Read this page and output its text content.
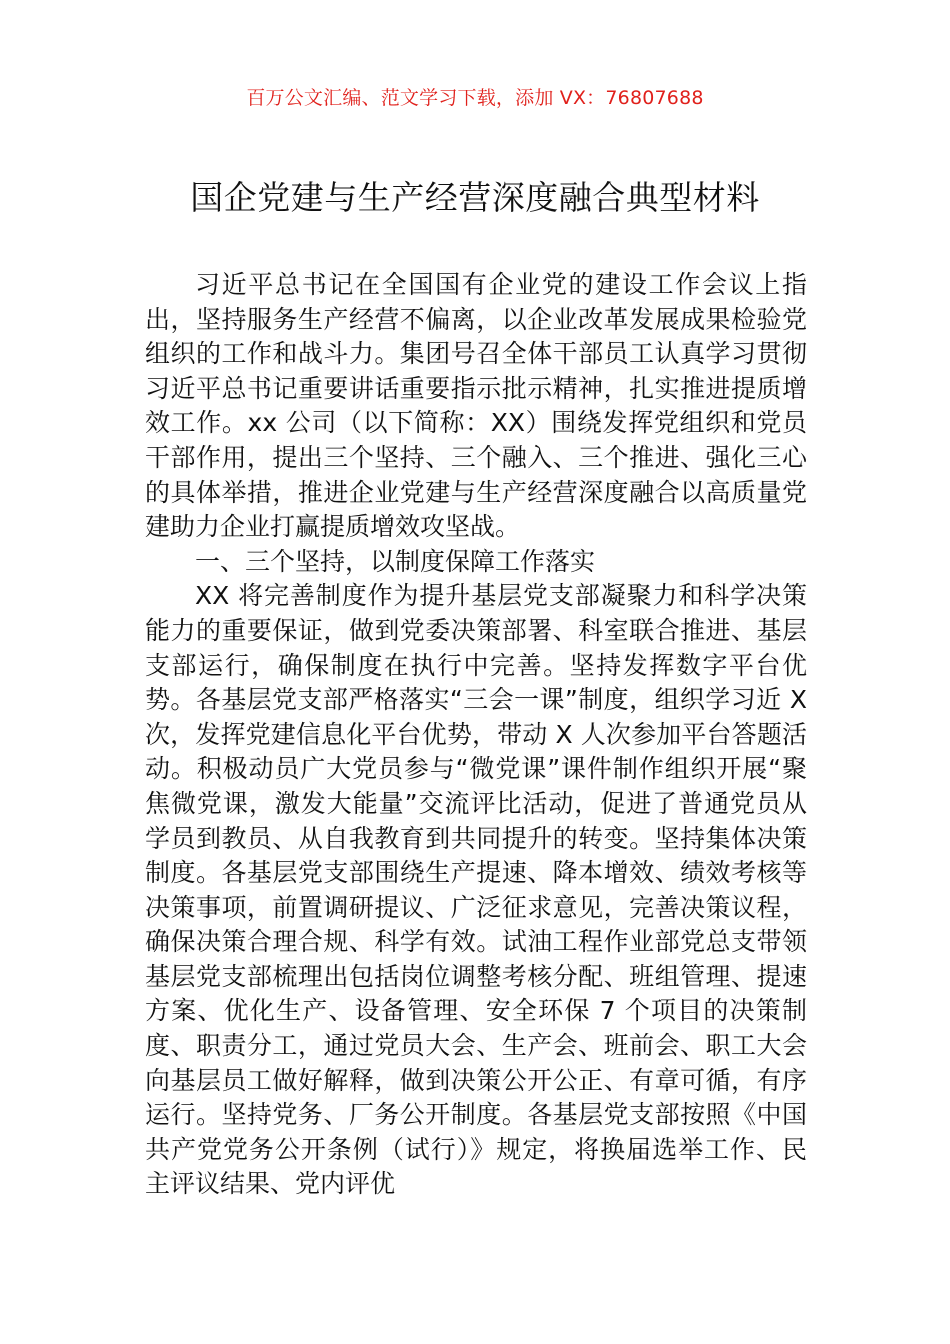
百万公文汇编、范文学习下载，添加 VX：76807688
国企党建与生产经营深度融合典型材料

习近平总书记在全国国有企业党的建设工作会议上指出，坚持服务生产经营不偏离，以企业改革发展成果检验党组织的工作和战斗力。集团号召全体干部员工认真学习贯彻习近平总书记重要讲话重要指示批示精神，扎实推进提质增效工作。xx 公司（以下简称：XX）围绕发挥党组织和党员干部作用，提出三个坚持、三个融入、三个推进、强化三心的具体举措，推进企业党建与生产经营深度融合以高质量党建助力企业打赢提质增效攻坚战。

一、三个坚持，以制度保障工作落实

XX 将完善制度作为提升基层党支部凝聚力和科学决策能力的重要保证，做到党委决策部署、科室联合推进、基层支部运行，确保制度在执行中完善。坚持发挥数字平台优势。各基层党支部严格落实“三会一课”制度，组织学习近 X 次，发挥党建信息化平台优势，带动 X 人次参加平台答题活动。积极动员广大党员参与“微党课”课件制作组织开展“聚焦微党课，激发大能量”交流评比活动，促进了普通党员从学员到教员、从自我教育到共同提升的转变。坚持集体决策制度。各基层党支部围绕生产提速、降本增效、绩效考核等决策事项，前置调研提议、广泛征求意见，完善决策议程，确保决策合理合规、科学有效。试油工程作业部党总支带领基层党支部梳理出包括岗位调整考核分配、班组管理、提速方案、优化生产、设备管理、安全环保 7 个项目的决策制度、职责分工，通过党员大会、生产会、班前会、职工大会向基层员工做好解释，做到决策公开公正、有章可循，有序运行。坚持党务、厂务公开制度。各基层党支部按照《中国共产党党务公开条例（试行）》规定，将换届选举工作、民主评议结果、党内评优
